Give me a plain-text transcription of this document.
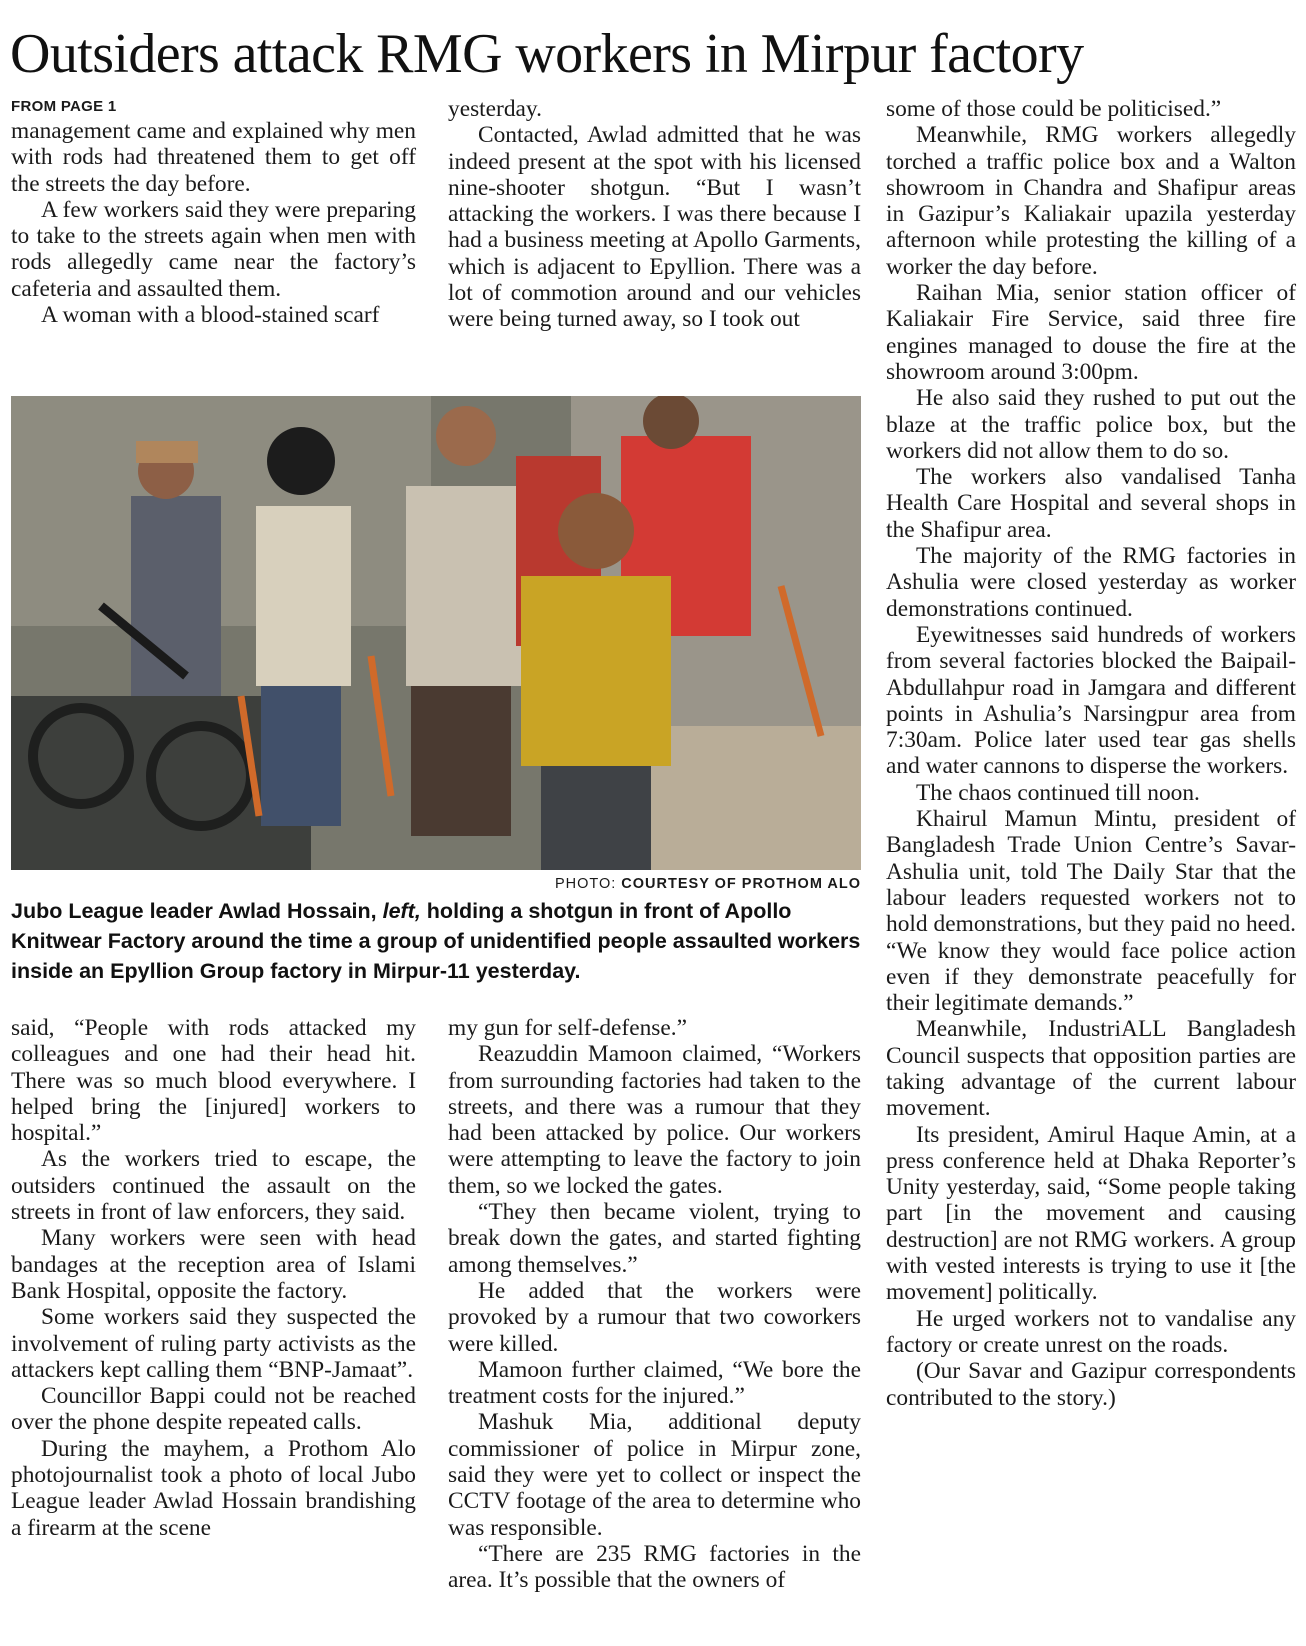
Outsiders attack RMG workers in Mirpur factory
FROM PAGE 1

management came and explained why men with rods had threatened them to get off the streets the day before.

A few workers said they were preparing to take to the streets again when men with rods allegedly came near the factory’s cafeteria and assaulted them.

A woman with a blood-stained scarf

yesterday.

Contacted, Awlad admitted that he was indeed present at the spot with his licensed nine-shooter shotgun. “But I wasn’t attacking the workers. I was there because I had a business meeting at Apollo Garments, which is adjacent to Epyllion. There was a lot of commotion around and our vehicles were being turned away, so I took out

some of those could be politicised.”

Meanwhile, RMG workers allegedly torched a traffic police box and a Walton showroom in Chandra and Shafipur areas in Gazipur’s Kaliakair upazila yesterday afternoon while protesting the killing of a worker the day before.

Raihan Mia, senior station officer of Kaliakair Fire Service, said three fire engines managed to douse the fire at the showroom around 3:00pm.

He also said they rushed to put out the blaze at the traffic police box, but the workers did not allow them to do so.

The workers also vandalised Tanha Health Care Hospital and several shops in the Shafipur area.

The majority of the RMG factories in Ashulia were closed yesterday as worker demonstrations continued.

Eyewitnesses said hundreds of workers from several factories blocked the Baipail-Abdullahpur road in Jamgara and different points in Ashulia’s Narsingpur area from 7:30am. Police later used tear gas shells and water cannons to disperse the workers.

The chaos continued till noon.

Khairul Mamun Mintu, president of Bangladesh Trade Union Centre’s Savar-Ashulia unit, told The Daily Star that the labour leaders requested workers not to hold demonstrations, but they paid no heed. “We know they would face police action even if they demonstrate peacefully for their legitimate demands.”

Meanwhile, IndustriALL Bangladesh Council suspects that opposition parties are taking advantage of the current labour movement.

Its president, Amirul Haque Amin, at a press conference held at Dhaka Reporter’s Unity yesterday, said, “Some people taking part [in the movement and causing destruction] are not RMG workers. A group with vested interests is trying to use it [the movement] politically.

He urged workers not to vandalise any factory or create unrest on the roads.

(Our Savar and Gazipur correspondents contributed to the story.)

PHOTO: COURTESY OF PROTHOM ALO
Jubo League leader Awlad Hossain, left, holding a shotgun in front of Apollo Knitwear Factory around the time a group of unidentified people assaulted workers inside an Epyllion Group factory in Mirpur-11 yesterday.

said, “People with rods attacked my colleagues and one had their head hit. There was so much blood everywhere. I helped bring the [injured] workers to hospital.”

As the workers tried to escape, the outsiders continued the assault on the streets in front of law enforcers, they said.

Many workers were seen with head bandages at the reception area of Islami Bank Hospital, opposite the factory.

Some workers said they suspected the involvement of ruling party activists as the attackers kept calling them “BNP-Jamaat”.

Councillor Bappi could not be reached over the phone despite repeated calls.

During the mayhem, a Prothom Alo photojournalist took a photo of local Jubo League leader Awlad Hossain brandishing a firearm at the scene

my gun for self-defense.”

Reazuddin Mamoon claimed, “Workers from surrounding factories had taken to the streets, and there was a rumour that they had been attacked by police. Our workers were attempting to leave the factory to join them, so we locked the gates.

“They then became violent, trying to break down the gates, and started fighting among themselves.”

He added that the workers were provoked by a rumour that two coworkers were killed.

Mamoon further claimed, “We bore the treatment costs for the injured.”

Mashuk Mia, additional deputy commissioner of police in Mirpur zone, said they were yet to collect or inspect the CCTV footage of the area to determine who was responsible.

“There are 235 RMG factories in the area. It’s possible that the owners of
